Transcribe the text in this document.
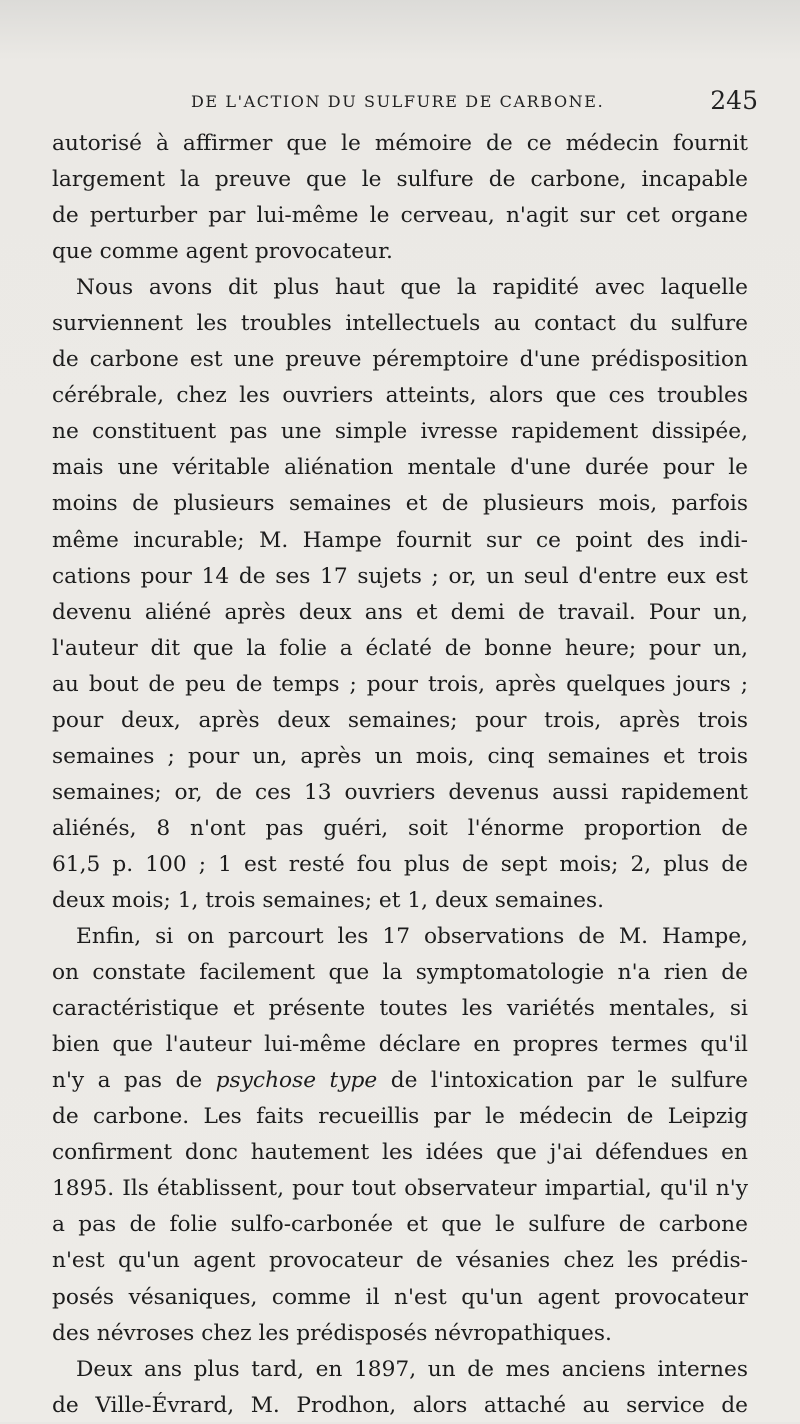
DE L'ACTION DU SULFURE DE CARBONE.	245

autorisé à affirmer que le mémoire de ce médecin fournit
largement la preuve que le sulfure de carbone, incapable
de perturber par lui-même le cerveau, n'agit sur cet organe
que comme agent provocateur.

Nous avons dit plus haut que la rapidité avec laquelle
surviennent les troubles intellectuels au contact du sulfure
de carbone est une preuve péremptoire d'une prédisposition
cérébrale, chez les ouvriers atteints, alors que ces troubles
ne constituent pas une simple ivresse rapidement dissipée,
mais une véritable aliénation mentale d'une durée pour le
moins de plusieurs semaines et de plusieurs mois, parfois
même incurable; M. Hampe fournit sur ce point des indi-
cations pour 14 de ses 17 sujets ; or, un seul d'entre eux est
devenu aliéné après deux ans et demi de travail. Pour un,
l'auteur dit que la folie a éclaté de bonne heure; pour un,
au bout de peu de temps ; pour trois, après quelques jours ;
pour deux, après deux semaines; pour trois, après trois
semaines ; pour un, après un mois, cinq semaines et trois
semaines; or, de ces 13 ouvriers devenus aussi rapidement
aliénés, 8 n'ont pas guéri, soit l'énorme proportion de
61,5 p. 100 ; 1 est resté fou plus de sept mois; 2, plus de
deux mois; 1, trois semaines; et 1, deux semaines.

Enfin, si on parcourt les 17 observations de M. Hampe,
on constate facilement que la symptomatologie n'a rien de
caractéristique et présente toutes les variétés mentales, si
bien que l'auteur lui-même déclare en propres termes qu'il
n'y a pas de psychose type de l'intoxication par le sulfure
de carbone. Les faits recueillis par le médecin de Leipzig
confirment donc hautement les idées que j'ai défendues en
1895. Ils établissent, pour tout observateur impartial, qu'il n'y
a pas de folie sulfo-carbonée et que le sulfure de carbone
n'est qu'un agent provocateur de vésanies chez les prédis-
posés vésaniques, comme il n'est qu'un agent provocateur
des névroses chez les prédisposés névropathiques.

Deux ans plus tard, en 1897, un de mes anciens internes
de Ville-Évrard, M. Prodhon, alors attaché au service de
